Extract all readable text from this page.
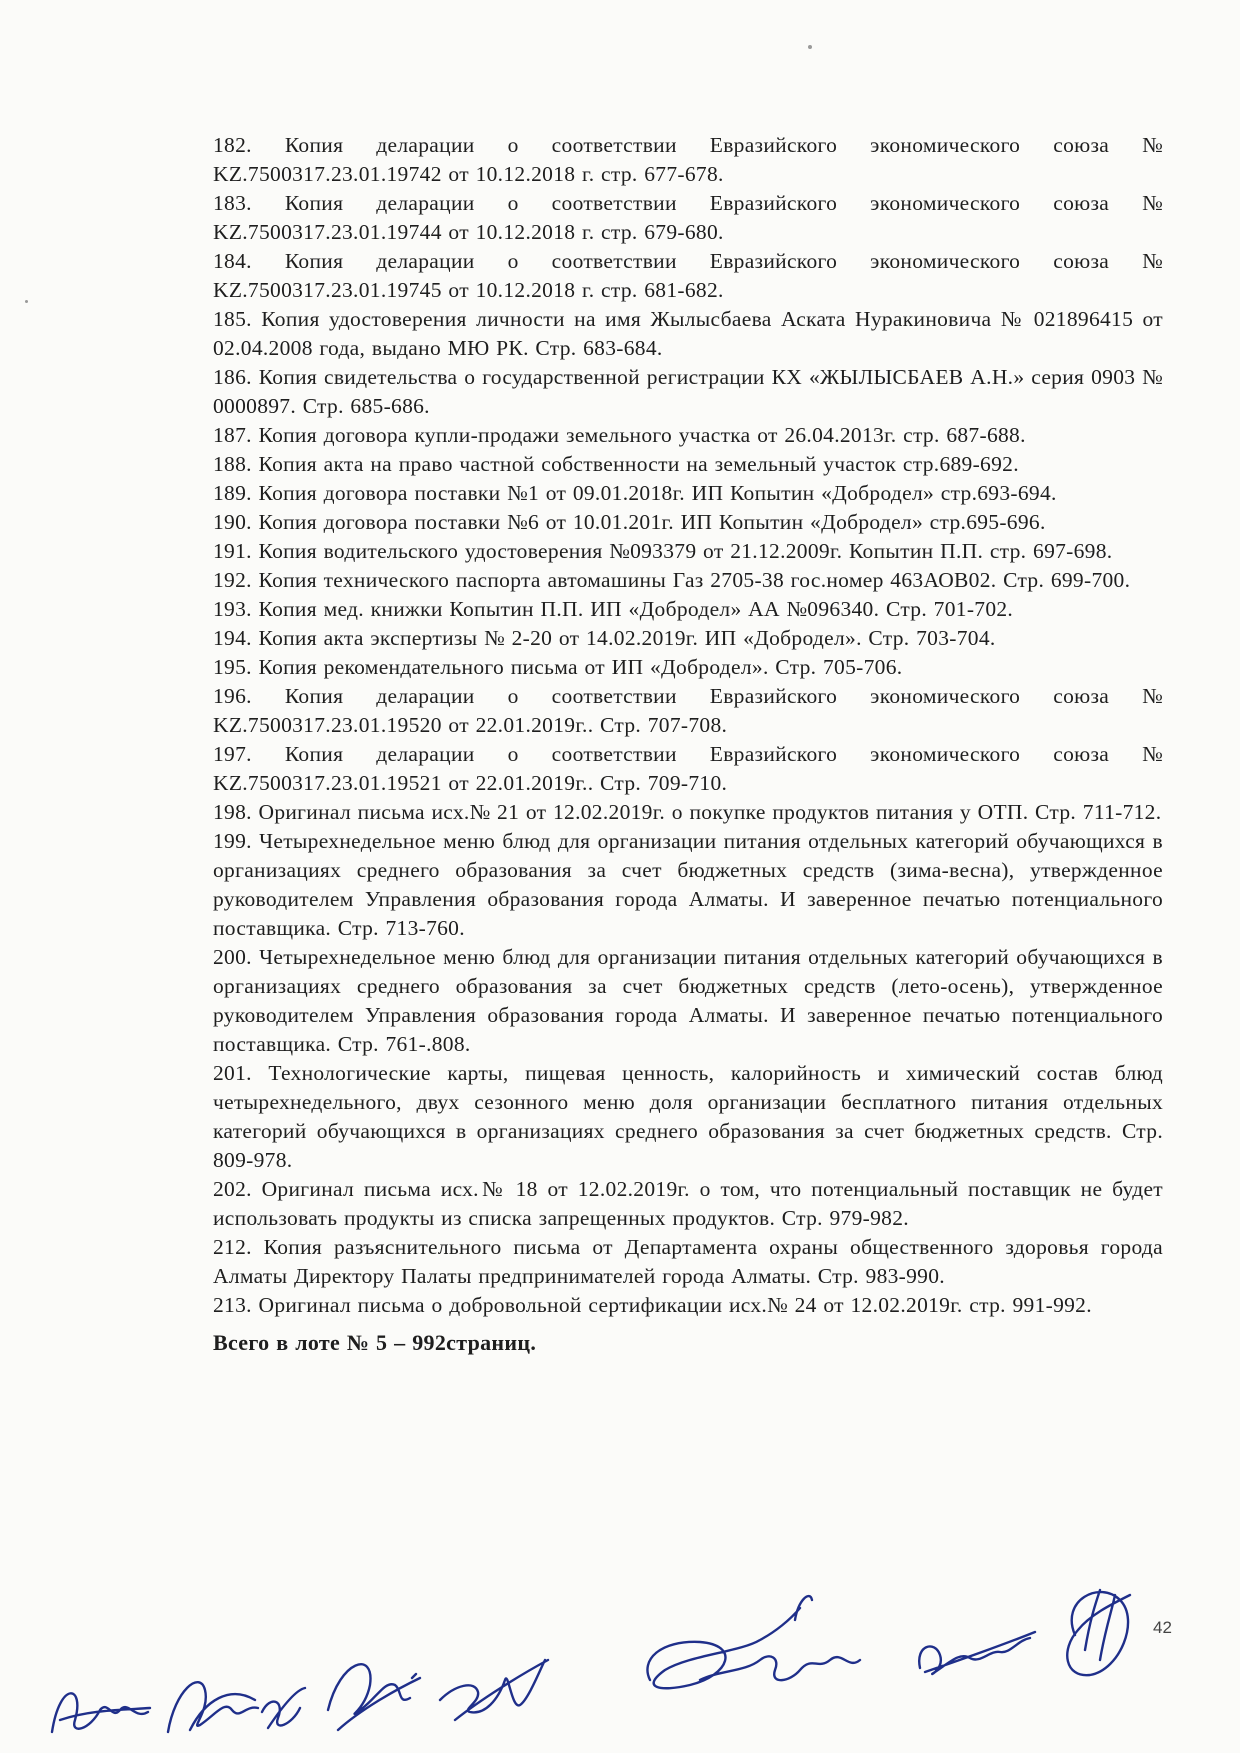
182. Копия деларации о соответствии Евразийского экономического союза № KZ.7500317.23.01.19742 от 10.12.2018 г. стр. 677-678.

183. Копия деларации о соответствии Евразийского экономического союза № KZ.7500317.23.01.19744 от 10.12.2018 г. стр. 679-680.

184. Копия деларации о соответствии Евразийского экономического союза № KZ.7500317.23.01.19745 от 10.12.2018 г. стр. 681-682.

185. Копия удостоверения личности на имя Жылысбаева Аската Нуракиновича № 021896415 от 02.04.2008 года, выдано МЮ РК. Стр. 683-684.

186. Копия свидетельства о государственной регистрации КХ «ЖЫЛЫСБАЕВ А.Н.» серия 0903 № 0000897. Стр. 685-686.

187. Копия договора купли-продажи земельного участка от 26.04.2013г. стр. 687-688.

188. Копия акта на право частной собственности на земельный участок стр.689-692.

189. Копия договора поставки №1 от 09.01.2018г. ИП Копытин «Добродел» стр.693-694.

190. Копия договора поставки №6 от 10.01.201г. ИП Копытин «Добродел» стр.695-696.

191. Копия водительского удостоверения №093379 от 21.12.2009г. Копытин П.П. стр. 697-698.

192. Копия технического паспорта автомашины Газ 2705-38 гос.номер 463АОВ02. Стр. 699-700.

193. Копия мед. книжки Копытин П.П. ИП «Добродел» АА №096340. Стр. 701-702.

194. Копия акта экспертизы № 2-20 от 14.02.2019г. ИП «Добродел». Стр. 703-704.

195. Копия рекомендательного письма от ИП «Добродел». Стр. 705-706.

196. Копия деларации о соответствии Евразийского экономического союза № KZ.7500317.23.01.19520 от 22.01.2019г.. Стр. 707-708.

197. Копия деларации о соответствии Евразийского экономического союза № KZ.7500317.23.01.19521 от 22.01.2019г.. Стр. 709-710.

198. Оригинал письма исх.№ 21 от 12.02.2019г. о покупке продуктов питания у ОТП. Стр. 711-712.

199. Четырехнедельное меню блюд для организации питания отдельных категорий обучающихся в организациях среднего образования за счет бюджетных средств (зима-весна), утвержденное руководителем Управления образования города Алматы. И заверенное печатью потенциального поставщика. Стр. 713-760.

200. Четырехнедельное меню блюд для организации питания отдельных категорий обучающихся в организациях среднего образования за счет бюджетных средств (лето-осень), утвержденное руководителем Управления образования города Алматы. И заверенное печатью потенциального поставщика. Стр. 761-.808.

201. Технологические карты, пищевая ценность, калорийность и химический состав блюд четырехнедельного, двух сезонного меню доля организации бесплатного питания отдельных категорий обучающихся в организациях среднего образования за счет бюджетных средств. Стр. 809-978.

202. Оригинал письма исх.№ 18 от 12.02.2019г. о том, что потенциальный поставщик не будет использовать продукты из списка запрещенных продуктов. Стр. 979-982.

212. Копия разъяснительного письма от Департамента охраны общественного здоровья города Алматы Директору Палаты предпринимателей города Алматы. Стр. 983-990.

213. Оригинал письма о добровольной сертификации исх.№ 24 от 12.02.2019г. стр. 991-992.

Всего в лоте № 5 – 992страниц.

42
